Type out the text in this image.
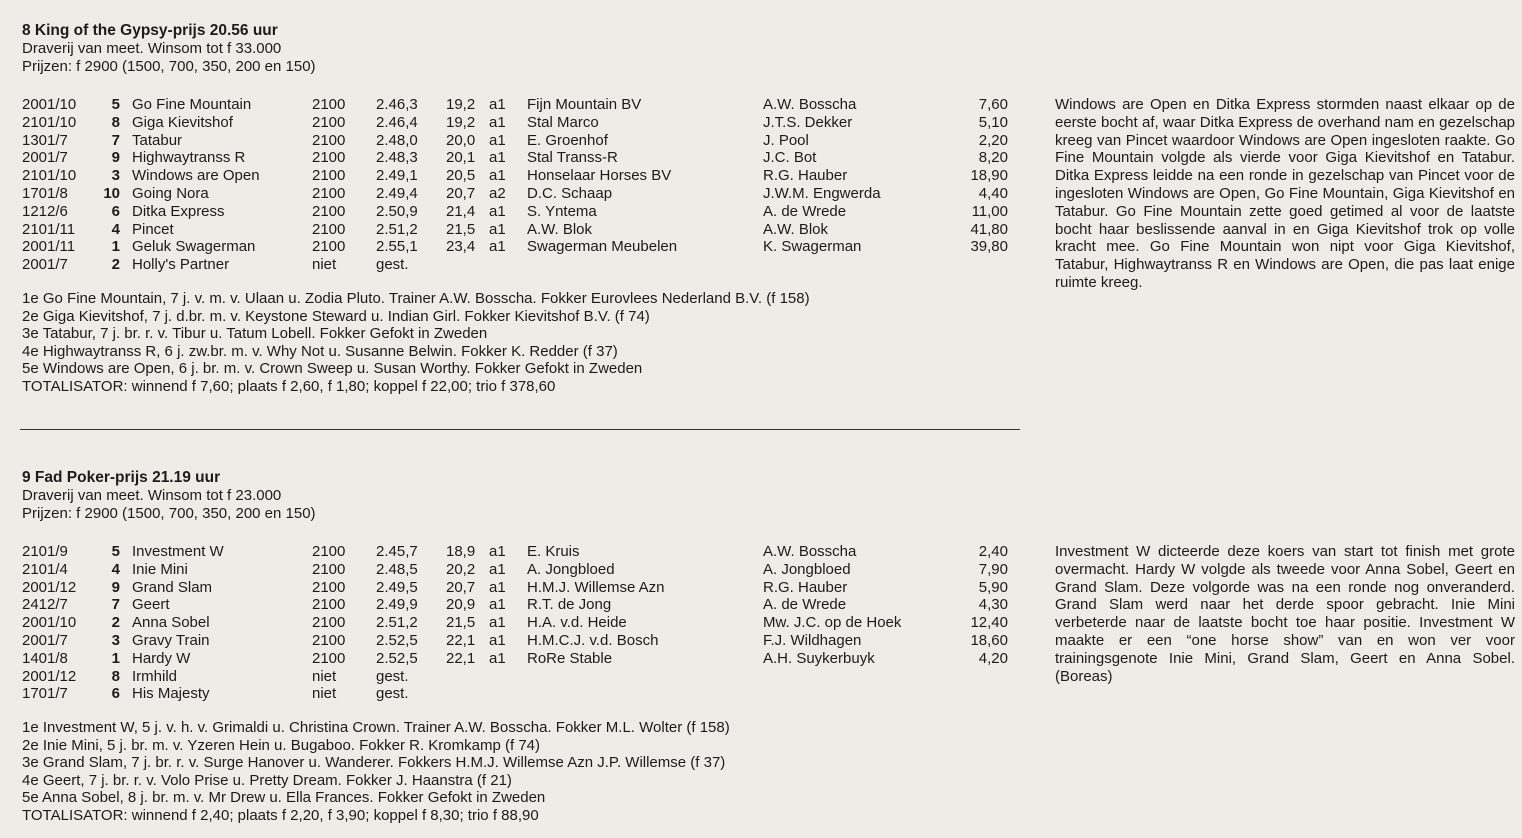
8 King of the Gypsy-prijs 20.56 uur
Draverij van meet. Winsom tot f 33.000
Prijzen: f 2900 (1500, 700, 350, 200 en 150)
2001/10	5 Go Fine Mountain	2100 2.46,3 19,2 a1 Fijn Mountain BV	A.W. Bosscha	7,60
2101/10	8 Giga Kievitshof	2100 2.46,4 19,2 a1 Stal Marco	J.T.S. Dekker	5,10
1301/7	7 Tatabur	2100 2.48,0 20,0 a1 E. Groenhof	J. Pool	2,20
2001/7	9 Highwaytranss R	2100 2.48,3 20,1 a1 Stal Transs-R	J.C. Bot	8,20
2101/10	3 Windows are Open	2100 2.49,1 20,5 a1 Honselaar Horses BV	R.G. Hauber	18,90
1701/8	10 Going Nora	2100 2.49,4 20,7 a2 D.C. Schaap	J.W.M. Engwerda	4,40
1212/6	6 Ditka Express	2100 2.50,9 21,4 a1 S. Yntema	A. de Wrede	11,00
2101/11	4 Pincet	2100 2.51,2 21,5 a1 A.W. Blok	A.W. Blok	41,80
2001/11	1 Geluk Swagerman	2100 2.55,1 23,4 a1 Swagerman Meubelen	K. Swagerman	39,80
2001/7	2 Holly's Partner	niet	gest.
Windows are Open en Ditka Express stormden naast elkaar op de eerste bocht af, waar Ditka Express de overhand nam en gezelschap kreeg van Pincet waardoor Windows are Open ingesloten raakte. Go Fine Mountain volgde als vierde voor Giga Kievitshof en Tatabur. Ditka Express leidde na een ronde in gezelschap van Pincet voor de ingesloten Windows are Open, Go Fine Mountain, Giga Kievitshof en Tatabur. Go Fine Mountain zette goed getimed al voor de laatste bocht haar beslissende aanval in en Giga Kievitshof trok op volle kracht mee. Go Fine Mountain won nipt voor Giga Kievitshof, Tatabur, Highwaytranss R en Windows are Open, die pas laat enige ruimte kreeg.
1e Go Fine Mountain, 7 j. v. m. v. Ulaan u. Zodia Pluto. Trainer A.W. Bosscha. Fokker Eurovlees Nederland B.V. (f 158)
2e Giga Kievitshof, 7 j. d.br. m. v. Keystone Steward u. Indian Girl. Fokker Kievitshof B.V. (f 74)
3e Tatabur, 7 j. br. r. v. Tibur u. Tatum Lobell. Fokker Gefokt in Zweden
4e Highwaytranss R, 6 j. zw.br. m. v. Why Not u. Susanne Belwin. Fokker K. Redder (f 37)
5e Windows are Open, 6 j. br. m. v. Crown Sweep u. Susan Worthy. Fokker Gefokt in Zweden
TOTALISATOR: winnend f 7,60; plaats f 2,60, f 1,80; koppel f 22,00; trio f 378,60
9 Fad Poker-prijs 21.19 uur
Draverij van meet. Winsom tot f 23.000
Prijzen: f 2900 (1500, 700, 350, 200 en 150)
2101/9	5 Investment W	2100 2.45,7 18,9 a1 E. Kruis	A.W. Bosscha	2,40
2101/4	4 Inie Mini	2100 2.48,5 20,2 a1 A. Jongbloed	A. Jongbloed	7,90
2001/12	9 Grand Slam	2100 2.49,5 20,7 a1 H.M.J. Willemse Azn	R.G. Hauber	5,90
2412/7	7 Geert	2100 2.49,9 20,9 a1 R.T. de Jong	A. de Wrede	4,30
2001/10	2 Anna Sobel	2100 2.51,2 21,5 a1 H.A. v.d. Heide	Mw. J.C. op de Hoek	12,40
2001/7	3 Gravy Train	2100 2.52,5 22,1 a1 H.M.C.J. v.d. Bosch	F.J. Wildhagen	18,60
1401/8	1 Hardy W	2100 2.52,5 22,1 a1 RoRe Stable	A.H. Suykerbuyk	4,20
2001/12	8 Irmhild	niet	gest.
1701/7	6 His Majesty	niet	gest.
Investment W dicteerde deze koers van start tot finish met grote overmacht. Hardy W volgde als tweede voor Anna Sobel, Geert en Grand Slam. Deze volgorde was na een ronde nog onveranderd. Grand Slam werd naar het derde spoor gebracht. Inie Mini verbeterde naar de laatste bocht toe haar positie. Investment W maakte er een “one horse show” van en won ver voor trainingsgenote Inie Mini, Grand Slam, Geert en Anna Sobel. (Boreas)
1e Investment W, 5 j. v. h. v. Grimaldi u. Christina Crown. Trainer A.W. Bosscha. Fokker M.L. Wolter (f 158)
2e Inie Mini, 5 j. br. m. v. Yzeren Hein u. Bugaboo. Fokker R. Kromkamp (f 74)
3e Grand Slam, 7 j. br. r. v. Surge Hanover u. Wanderer. Fokkers H.M.J. Willemse Azn J.P. Willemse (f 37)
4e Geert, 7 j. br. r. v. Volo Prise u. Pretty Dream. Fokker J. Haanstra (f 21)
5e Anna Sobel, 8 j. br. m. v. Mr Drew u. Ella Frances. Fokker Gefokt in Zweden
TOTALISATOR: winnend f 2,40; plaats f 2,20, f 3,90; koppel f 8,30; trio f 88,90
